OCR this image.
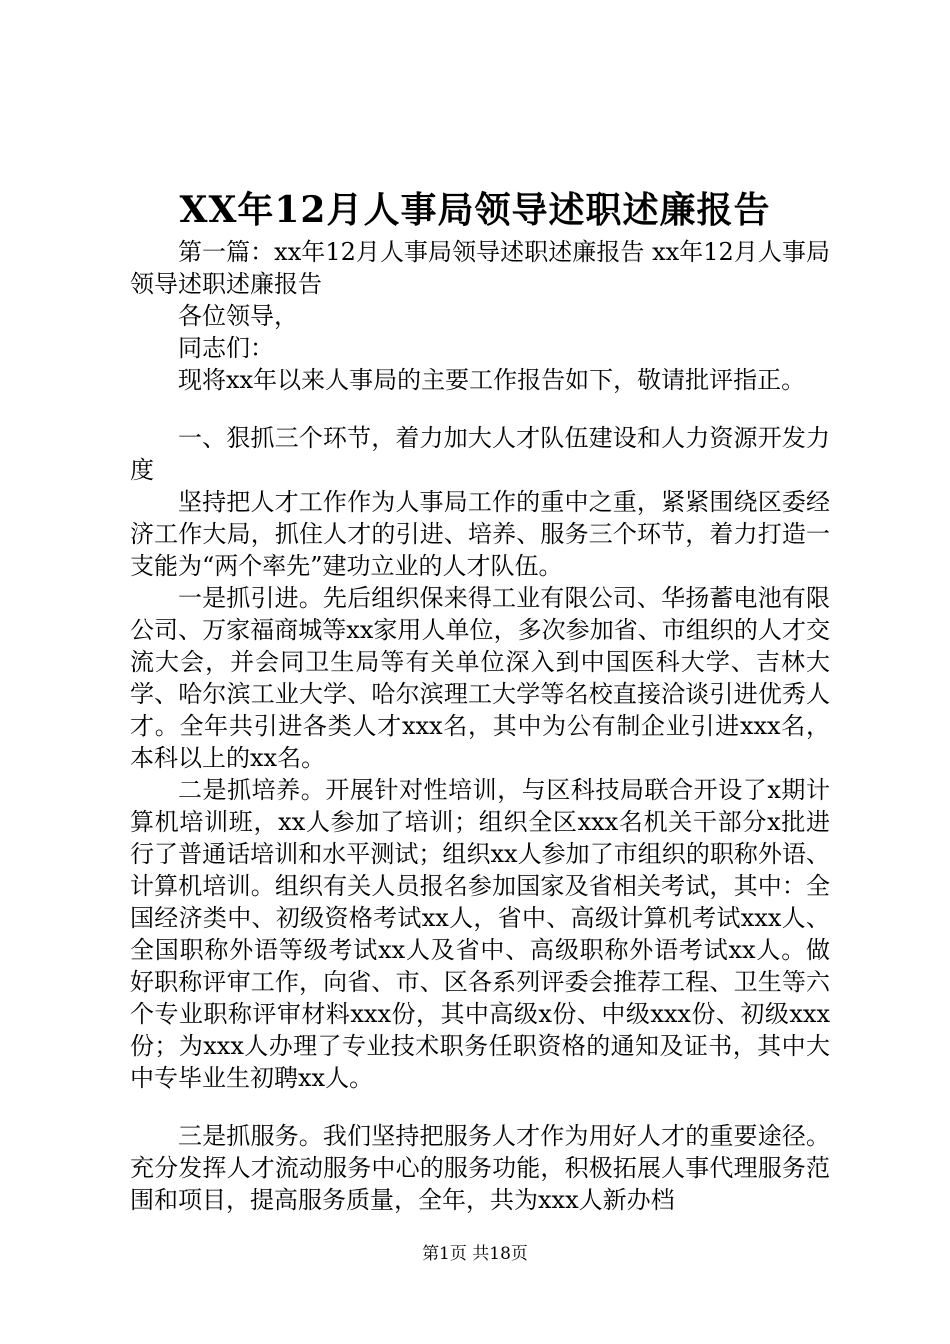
XX年12月人事局领导述职述廉报告

第一篇：xx年12月人事局领导述职述廉报告 xx年12月人事局领导述职述廉报告

各位领导，

同志们：

现将xx年以来人事局的主要工作报告如下，敬请批评指正。

一、狠抓三个环节，着力加大人才队伍建设和人力资源开发力度

坚持把人才工作作为人事局工作的重中之重，紧紧围绕区委经济工作大局，抓住人才的引进、培养、服务三个环节，着力打造一支能为“两个率先”建功立业的人才队伍。

一是抓引进。先后组织保来得工业有限公司、华扬蓄电池有限公司、万家福商城等xx家用人单位，多次参加省、市组织的人才交流大会，并会同卫生局等有关单位深入到中国医科大学、吉林大学、哈尔滨工业大学、哈尔滨理工大学等名校直接洽谈引进优秀人才。全年共引进各类人才xxx名，其中为公有制企业引进xxx名，本科以上的xx名。

二是抓培养。开展针对性培训，与区科技局联合开设了x期计算机培训班，xx人参加了培训；组织全区xxx名机关干部分x批进行了普通话培训和水平测试；组织xx人参加了市组织的职称外语、计算机培训。组织有关人员报名参加国家及省相关考试，其中：全国经济类中、初级资格考试xx人，省中、高级计算机考试xxx人、全国职称外语等级考试xx人及省中、高级职称外语考试xx人。做好职称评审工作，向省、市、区各系列评委会推荐工程、卫生等六个专业职称评审材料xxx份，其中高级x份、中级xxx份、初级xxx份；为xxx人办理了专业技术职务任职资格的通知及证书，其中大中专毕业生初聘xx人。

三是抓服务。我们坚持把服务人才作为用好人才的重要途径。充分发挥人才流动服务中心的服务功能，积极拓展人事代理服务范围和项目，提高服务质量，全年，共为xxx人新办档

第1页 共18页
